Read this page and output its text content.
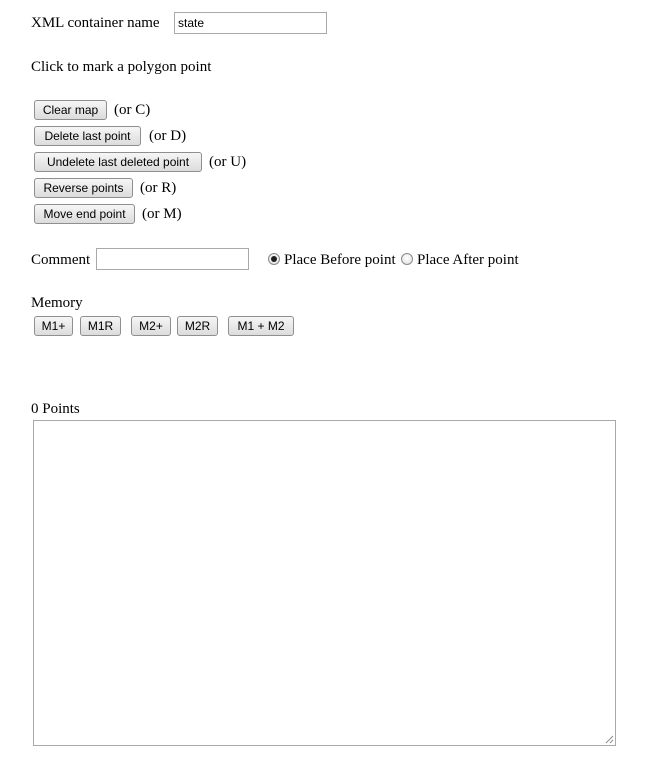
XML container name	state
Click to mark a polygon point
Clear map	(or C)
Delete last point	(or D)
Undelete last deleted point	(or U)
Reverse points	(or R)
Move end point	(or M)
Comment	Place Before point Place After point
Memory
M1+	M1R	M2+	M2R	M1 + M2
0 Points
